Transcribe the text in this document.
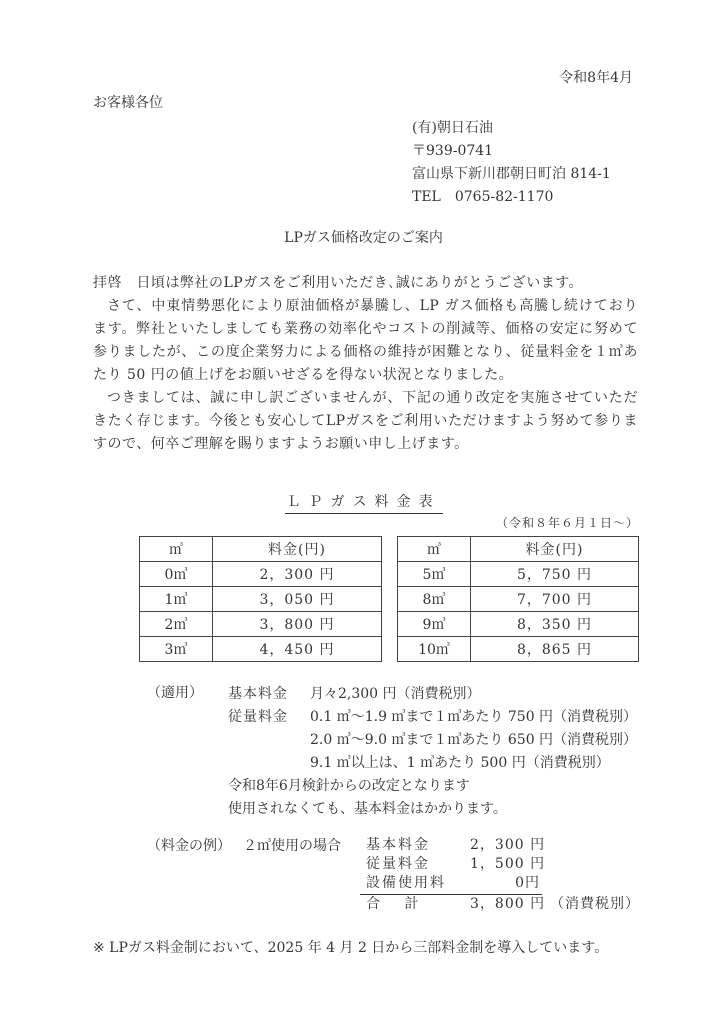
令和8年4月
お客様各位
(有)朝日石油
〒939-0741
富山県下新川郡朝日町泊 814-1
TEL　0765-82-1170
LPガス価格改定のご案内

拝啓　日頃は弊社のLPガスをご利用いただき､誠にありがとうございます。

さて、中東情勢悪化により原油価格が暴騰し、LP ガス価格も高騰し続けております。弊社といたしましても業務の効率化やコストの削減等、価格の安定に努めて参りましたが、この度企業努力による価格の維持が困難となり、従量料金を１㎥あたり 50 円の値上げをお願いせざるを得ない状況となりました。

つきましては、誠に申し訳ございませんが、下記の通り改定を実施させていただきたく存じます。今後とも安心してLPガスをご利用いただけますよう努めて参りますので、何卒ご理解を賜りますようお願い申し上げます。

ＬＰガス料金表
（令和８年６月１日～）
㎥	料金(円)
0㎥	2，300 円
1㎥	3，050 円
2㎥	3，800 円
3㎥	4，450 円
㎥	料金(円)
5㎥	5，750 円
8㎥	7，700 円
9㎥	8，350 円
10㎥	8，865 円
（適用） 基本料金 月々2,300 円（消費税別）
従量料金 0.1 ㎥～1.9 ㎥まで１㎥あたり 750 円（消費税別）
2.0 ㎥～9.0 ㎥まで１㎥あたり 650 円（消費税別）
9.1 ㎥以上は、1 ㎥あたり 500 円（消費税別）
令和8年6月検針からの改定となります
使用されなくても、基本料金はかかります。
（料金の例） ２㎥使用の場合	基本料金	2，300 円
従量料金	1，500 円
設備使用料	0円
合　 計	3，800 円 （消費税別）
※ LPガス料金制において、2025 年 4 月 2 日から三部料金制を導入しています。
